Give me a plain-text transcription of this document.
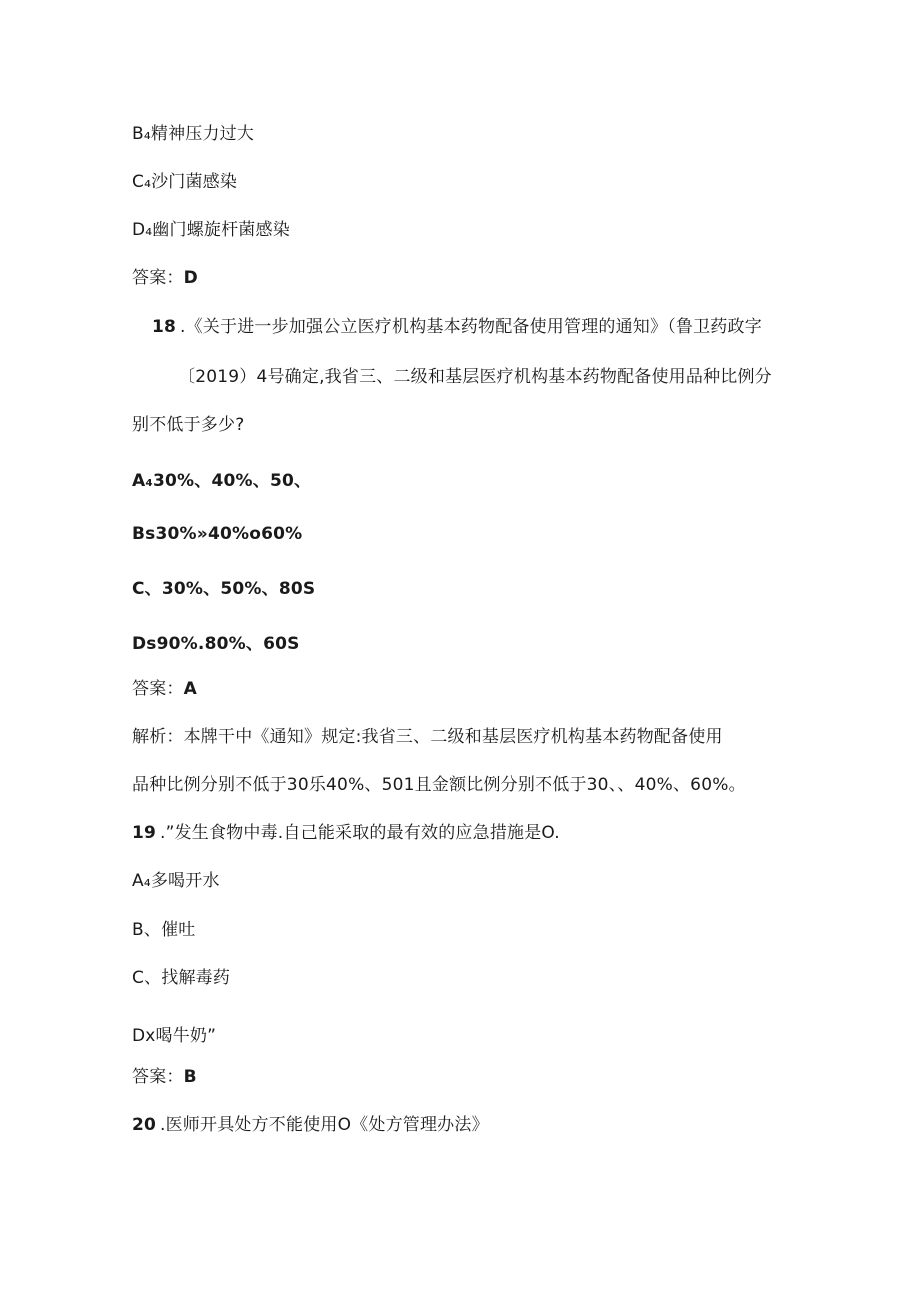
B₄精神压力过大
C₄沙门菌感染
D₄幽门螺旋杆菌感染
答案：D
18 .《关于进一步加强公立医疗机构基本药物配备使用管理的通知》（鲁卫药政字
〔2019）4号确定,我省三、二级和基层医疗机构基本药物配备使用品种比例分
别不低于多少?
A₄30%、40%、50、
Bs30%»40%o60%
C、30%、50%、80S
Ds90%.80%、60S
答案：A
解析：本牌干中《通知》规定:我省三、二级和基层医疗机构基本药物配备使用
品种比例分别不低于30乐40%、501且金额比例分别不低于30、、40%、60%。
19 .”发生食物中毒.自己能采取的最有效的应急措施是O.
A₄多喝开水
B、催吐
C、找解毒药
Dx喝牛奶”
答案：B
20 .医师开具处方不能使用O《处方管理办法》
